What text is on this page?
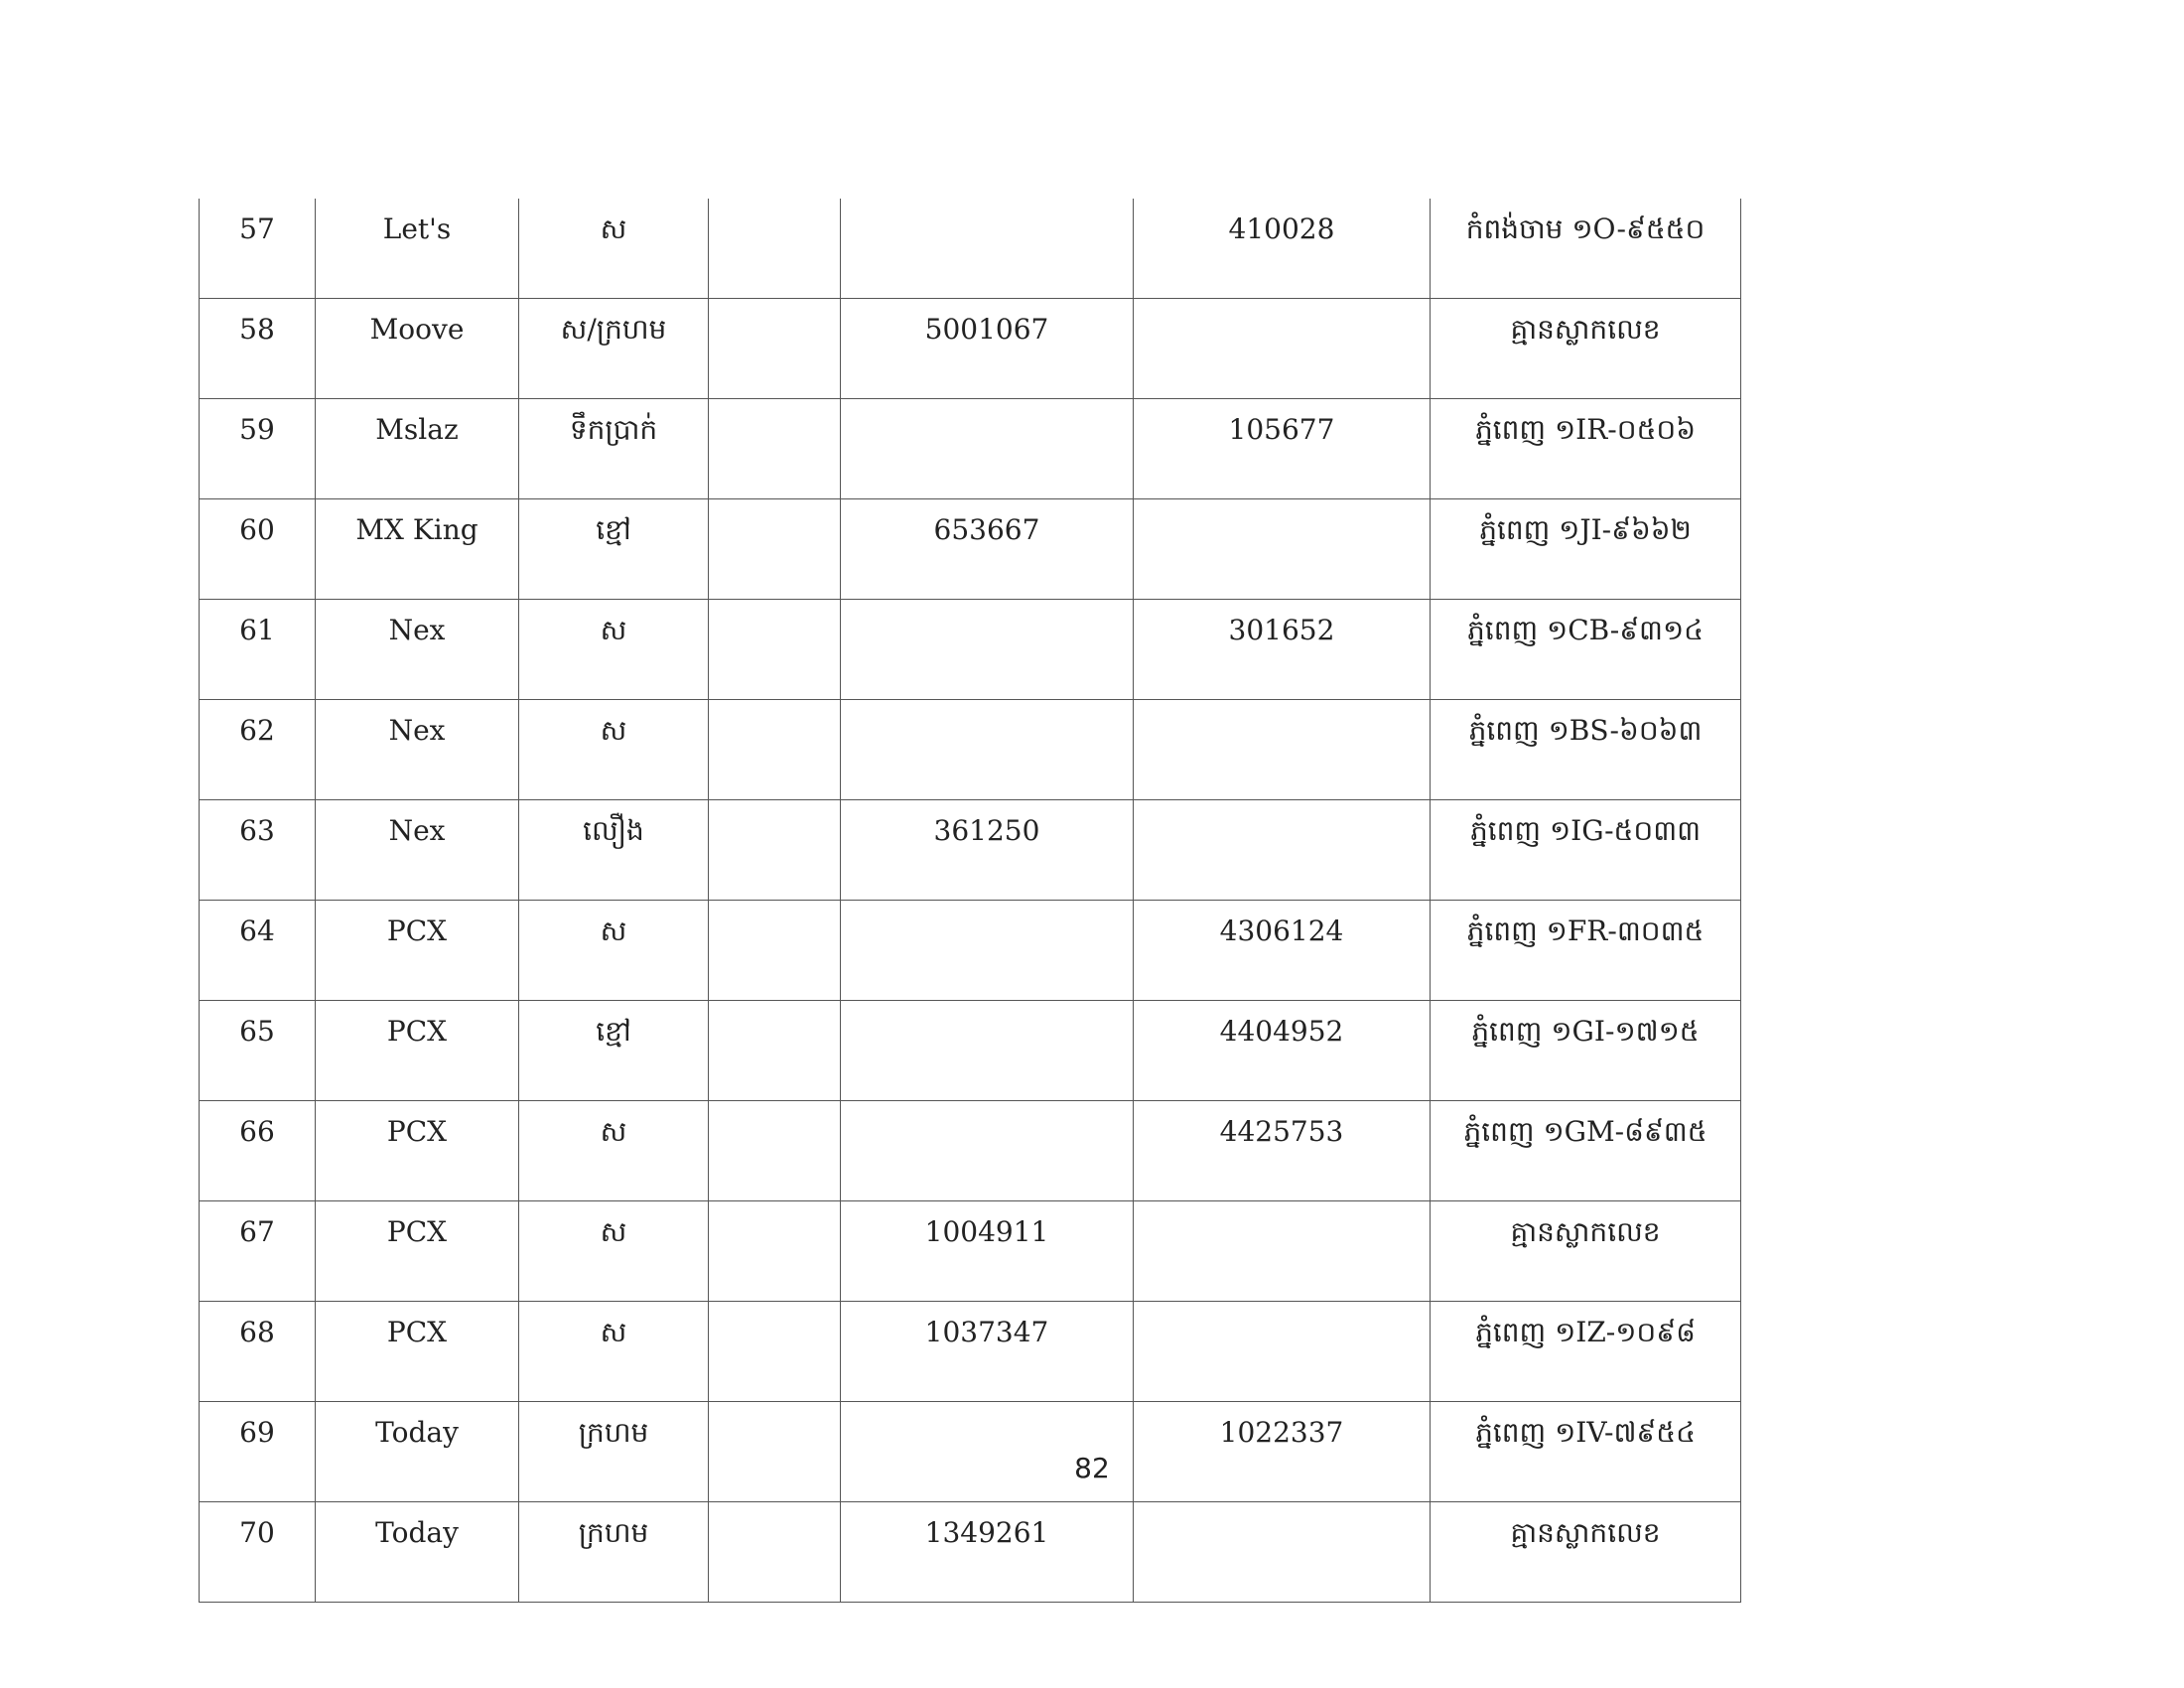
57	Let's	ស			410028	កំពង់ចាម ១O-៩៥៥០
58	Moove	ស/ក្រហម		5001067		គ្មានស្លាកលេខ
59	Mslaz	ទឹកប្រាក់			105677	ភ្នំពេញ ១IR-០៥០៦
60	MX King	ខ្មៅ		653667		ភ្នំពេញ ១JI-៩៦៦២
61	Nex	ស			301652	ភ្នំពេញ ១CB-៩៣១៤
62	Nex	ស				ភ្នំពេញ ១BS-៦០៦៣
63	Nex	លឿង		361250		ភ្នំពេញ ១IG-៥០៣៣
64	PCX	ស			4306124	ភ្នំពេញ ១FR-៣០៣៥
65	PCX	ខ្មៅ			4404952	ភ្នំពេញ ១GI-១៧១៥
66	PCX	ស			4425753	ភ្នំពេញ ១GM-៨៩៣៥
67	PCX	ស		1004911		គ្មានស្លាកលេខ
68	PCX	ស		1037347		ភ្នំពេញ ១IZ-១០៩៨
69	Today	ក្រហម			1022337	ភ្នំពេញ ១IV-៧៩៥៤
70	Today	ក្រហម		1349261		គ្មានស្លាកលេខ
82
